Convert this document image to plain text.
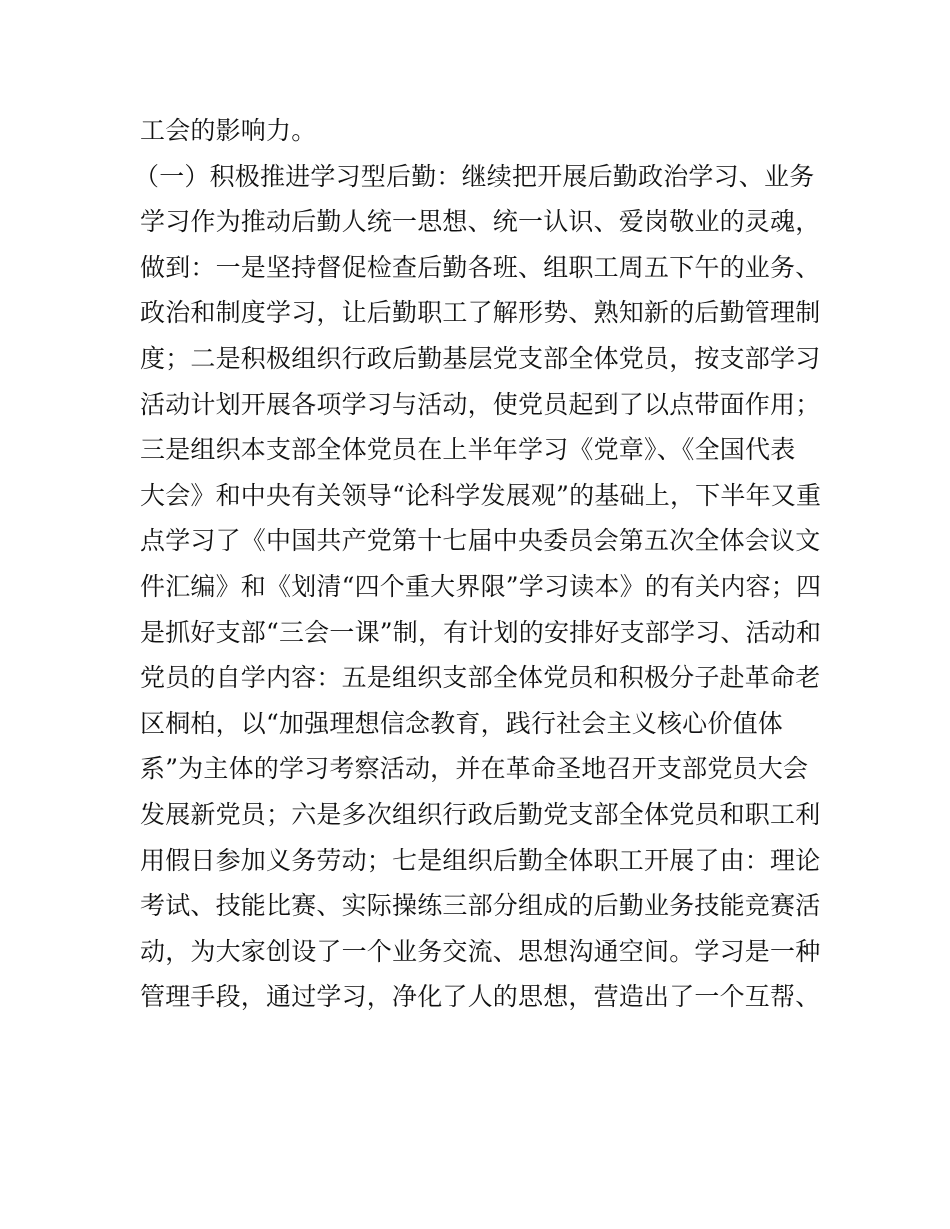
工会的影响力。
（一）积极推进学习型后勤：继续把开展后勤政治学习、业务
学习作为推动后勤人统一思想、统一认识、爱岗敬业的灵魂，
做到：一是坚持督促检查后勤各班、组职工周五下午的业务、
政治和制度学习，让后勤职工了解形势、熟知新的后勤管理制
度；二是积极组织行政后勤基层党支部全体党员，按支部学习
活动计划开展各项学习与活动，使党员起到了以点带面作用；
三是组织本支部全体党员在上半年学习《党章》、《全国代表
大会》和中央有关领导“论科学发展观”的基础上，下半年又重
点学习了《中国共产党第十七届中央委员会第五次全体会议文
件汇编》和《划清“四个重大界限”学习读本》的有关内容；四
是抓好支部“三会一课”制，有计划的安排好支部学习、活动和
党员的自学内容：五是组织支部全体党员和积极分子赴革命老
区桐柏，以“加强理想信念教育，践行社会主义核心价值体
系”为主体的学习考察活动，并在革命圣地召开支部党员大会
发展新党员；六是多次组织行政后勤党支部全体党员和职工利
用假日参加义务劳动；七是组织后勤全体职工开展了由：理论
考试、技能比赛、实际操练三部分组成的后勤业务技能竞赛活
动，为大家创设了一个业务交流、思想沟通空间。学习是一种
管理手段，通过学习，净化了人的思想，营造出了一个互帮、
